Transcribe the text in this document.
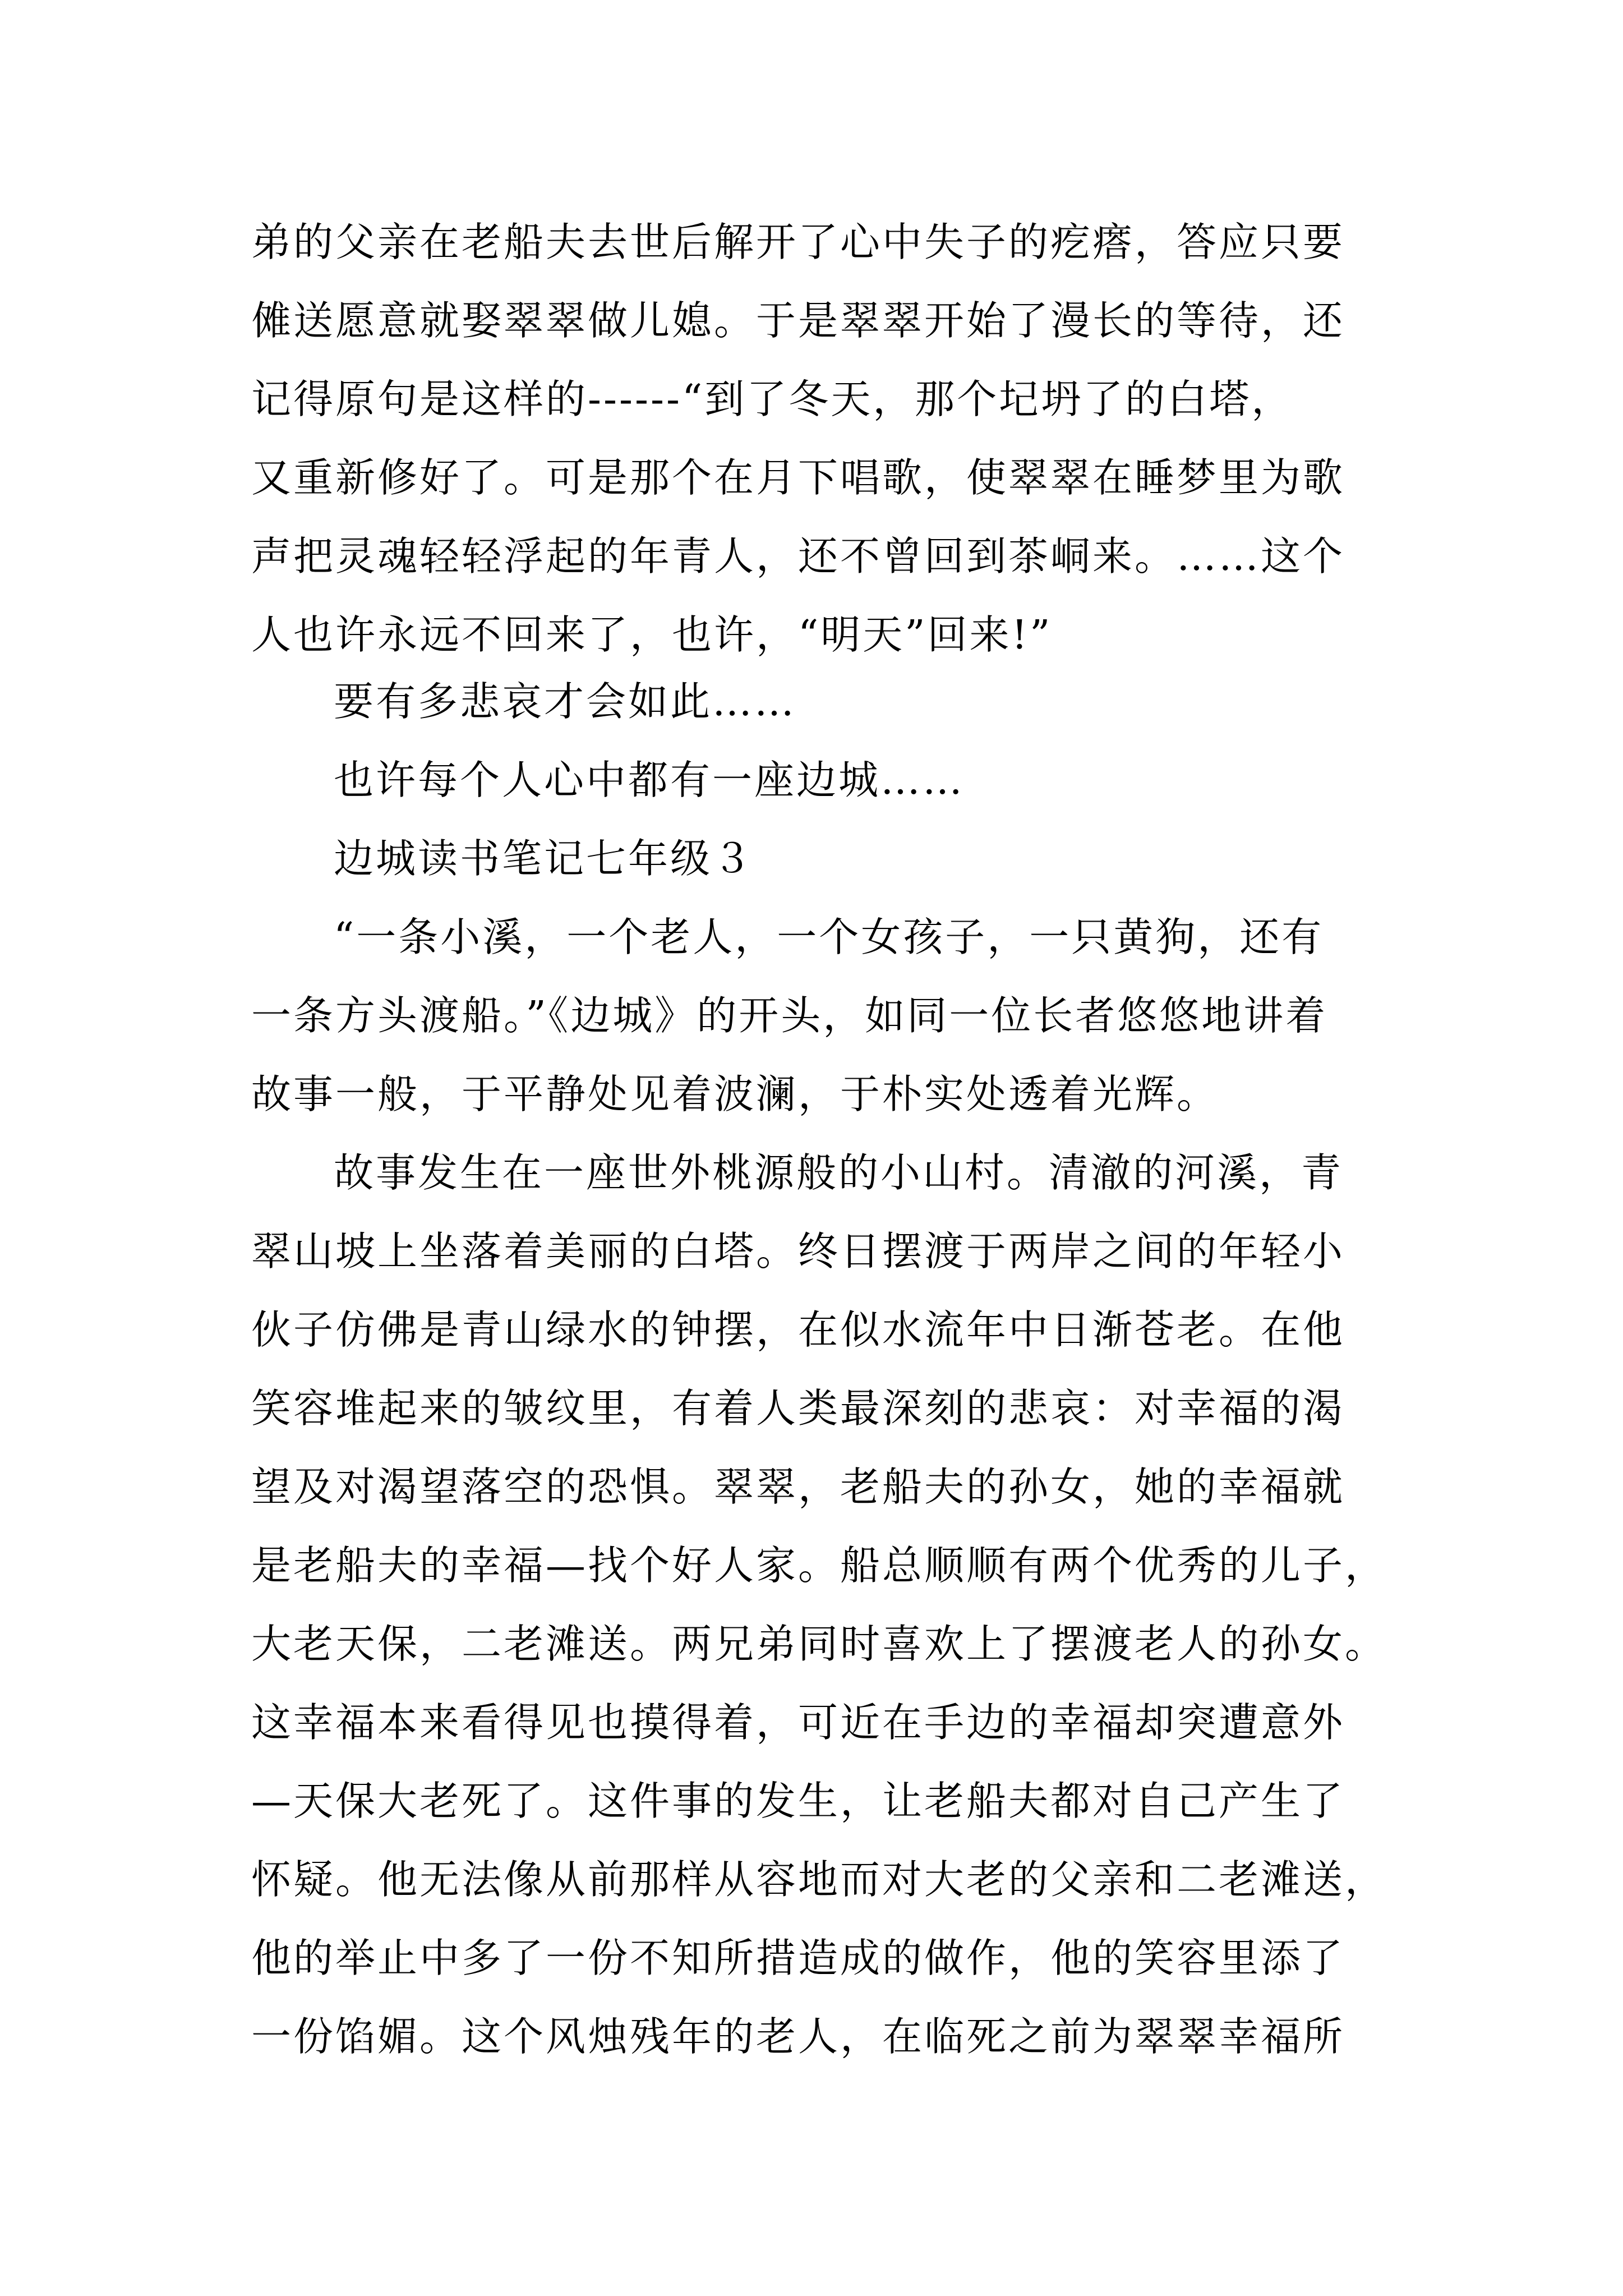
弟的父亲在老船夫去世后解开了心中失子的疙瘩，答应只要
傩送愿意就娶翠翠做儿媳。于是翠翠开始了漫长的等待，还
记得原句是这样的------“到了冬天，那个圮坍了的白塔，
又重新修好了。可是那个在月下唱歌，使翠翠在睡梦里为歌
声把灵魂轻轻浮起的年青人，还不曾回到茶峒来。……这个
人也许永远不回来了，也许，“明天”回来!”
要有多悲哀才会如此……
也许每个人心中都有一座边城……
边城读书笔记七年级３
“一条小溪，一个老人，一个女孩子，一只黄狗，还有
一条方头渡船。”《边城》的开头，如同一位长者悠悠地讲着
故事一般，于平静处见着波澜，于朴实处透着光辉。
故事发生在一座世外桃源般的小山村。清澈的河溪，青
翠山坡上坐落着美丽的白塔。终日摆渡于两岸之间的年轻小
伙子仿佛是青山绿水的钟摆，在似水流年中日渐苍老。在他
笑容堆起来的皱纹里，有着人类最深刻的悲哀：对幸福的渴
望及对渴望落空的恐惧。翠翠，老船夫的孙女，她的幸福就
是老船夫的幸福—找个好人家。船总顺顺有两个优秀的儿子，
大老天保，二老滩送。两兄弟同时喜欢上了摆渡老人的孙女。
这幸福本来看得见也摸得着，可近在手边的幸福却突遭意外
—天保大老死了。这件事的发生，让老船夫都对自己产生了
怀疑。他无法像从前那样从容地而对大老的父亲和二老滩送，
他的举止中多了一份不知所措造成的做作，他的笑容里添了
一份馅媚。这个风烛残年的老人，在临死之前为翠翠幸福所
